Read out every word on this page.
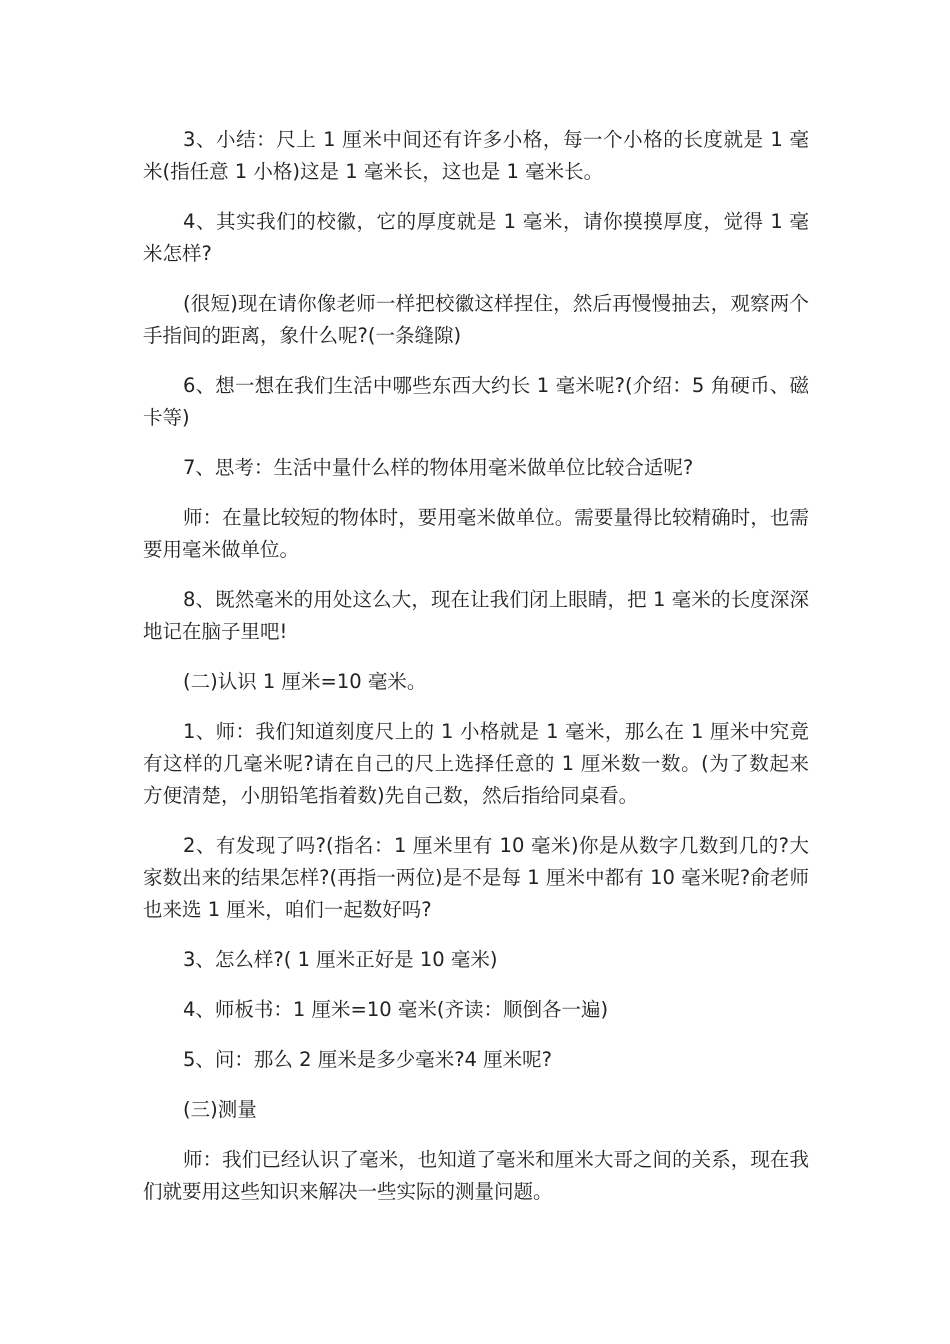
3、小结：尺上 1 厘米中间还有许多小格，每一个小格的长度就是 1 毫米(指任意 1 小格)这是 1 毫米长，这也是 1 毫米长。

4、其实我们的校徽，它的厚度就是 1 毫米，请你摸摸厚度，觉得 1 毫米怎样?

(很短)现在请你像老师一样把校徽这样捏住，然后再慢慢抽去，观察两个手指间的距离，象什么呢?(一条缝隙)

6、想一想在我们生活中哪些东西大约长 1 毫米呢?(介绍：5 角硬币、磁卡等)

7、思考：生活中量什么样的物体用毫米做单位比较合适呢?

师：在量比较短的物体时，要用毫米做单位。需要量得比较精确时，也需要用毫米做单位。

8、既然毫米的用处这么大，现在让我们闭上眼睛，把 1 毫米的长度深深地记在脑子里吧!

(二)认识 1 厘米=10 毫米。

1、师：我们知道刻度尺上的 1 小格就是 1 毫米，那么在 1 厘米中究竟有这样的几毫米呢?请在自己的尺上选择任意的 1 厘米数一数。(为了数起来方便清楚，小朋铅笔指着数)先自己数，然后指给同桌看。

2、有发现了吗?(指名：1 厘米里有 10 毫米)你是从数字几数到几的?大家数出来的结果怎样?(再指一两位)是不是每 1 厘米中都有 10 毫米呢?俞老师也来选 1 厘米，咱们一起数好吗?

3、怎么样?( 1 厘米正好是 10 毫米)

4、师板书：1 厘米=10 毫米(齐读：顺倒各一遍)

5、问：那么 2 厘米是多少毫米?4 厘米呢?

(三)测量

师：我们已经认识了毫米，也知道了毫米和厘米大哥之间的关系，现在我们就要用这些知识来解决一些实际的测量问题。
